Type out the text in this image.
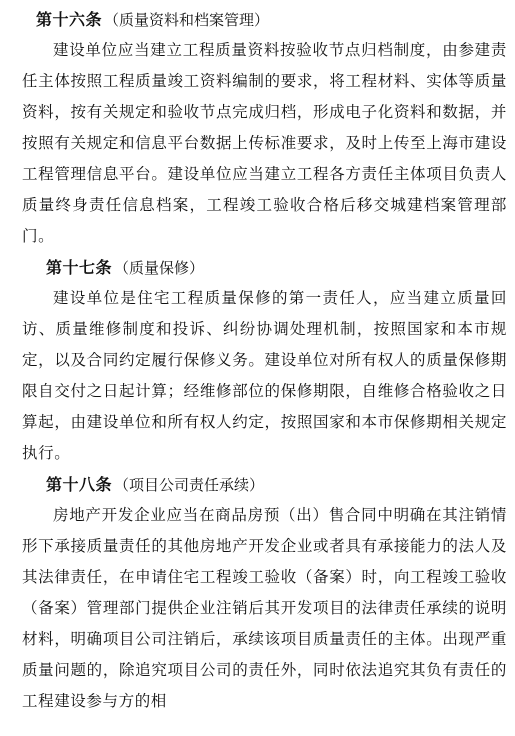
第十六条 （质量资料和档案管理）

建设单位应当建立工程质量资料按验收节点归档制度，由参建责任主体按照工程质量竣工资料编制的要求，将工程材料、实体等质量资料，按有关规定和验收节点完成归档，形成电子化资料和数据，并按照有关规定和信息平台数据上传标准要求，及时上传至上海市建设工程管理信息平台。建设单位应当建立工程各方责任主体项目负责人质量终身责任信息档案，工程竣工验收合格后移交城建档案管理部门。

第十七条 （质量保修）

建设单位是住宅工程质量保修的第一责任人，应当建立质量回访、质量维修制度和投诉、纠纷协调处理机制，按照国家和本市规定，以及合同约定履行保修义务。建设单位对所有权人的质量保修期限自交付之日起计算；经维修部位的保修期限，自维修合格验收之日算起，由建设单位和所有权人约定，按照国家和本市保修期相关规定执行。

第十八条 （项目公司责任承续）

房地产开发企业应当在商品房预（出）售合同中明确在其注销情形下承接质量责任的其他房地产开发企业或者具有承接能力的法人及其法律责任，在申请住宅工程竣工验收（备案）时，向工程竣工验收（备案）管理部门提供企业注销后其开发项目的法律责任承续的说明材料，明确项目公司注销后，承续该项目质量责任的主体。出现严重质量问题的，除追究项目公司的责任外，同时依法追究其负有责任的工程建设参与方的相
